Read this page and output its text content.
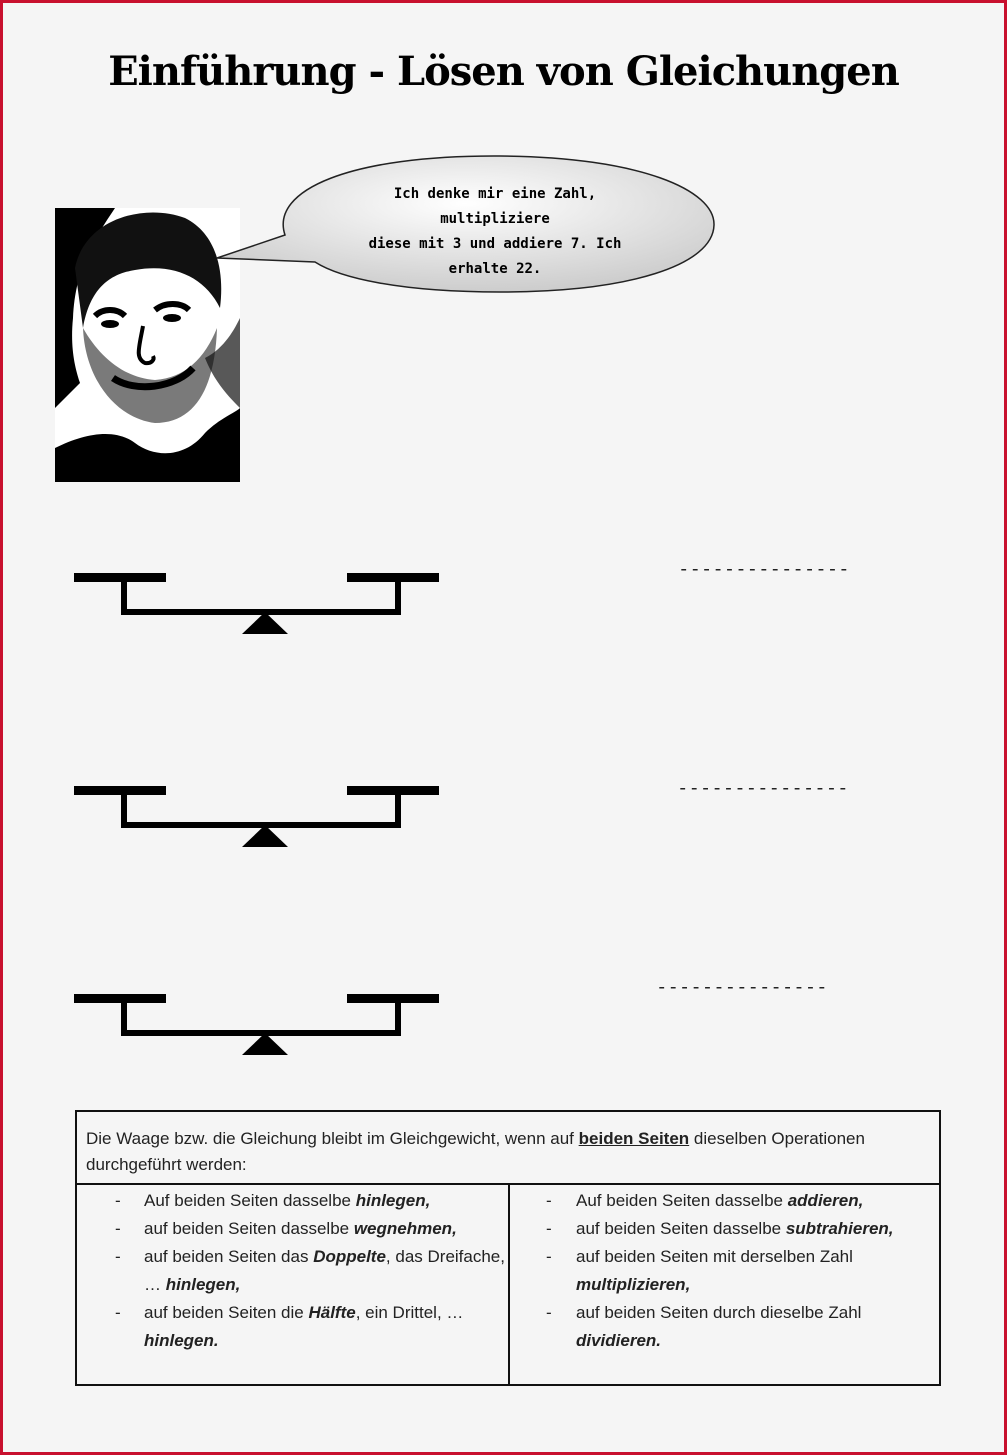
Einführung - Lösen von Gleichungen
Ich denke mir eine Zahl, multipliziere
diese mit 3 und addiere 7. Ich
erhalte 22.
---------------
---------------
---------------
Die Waage bzw. die Gleichung bleibt im Gleichgewicht, wenn auf beiden Seiten dieselben Operationen durchgeführt werden:
- Auf beiden Seiten dasselbe hinlegen,
- auf beiden Seiten dasselbe wegnehmen,
- auf beiden Seiten das Doppelte, das Dreifache, … hinlegen,
- auf beiden Seiten die Hälfte, ein Drittel, … hinlegen.
- Auf beiden Seiten dasselbe addieren,
- auf beiden Seiten dasselbe subtrahieren,
- auf beiden Seiten mit derselben Zahl multiplizieren,
- auf beiden Seiten durch dieselbe Zahl dividieren.
